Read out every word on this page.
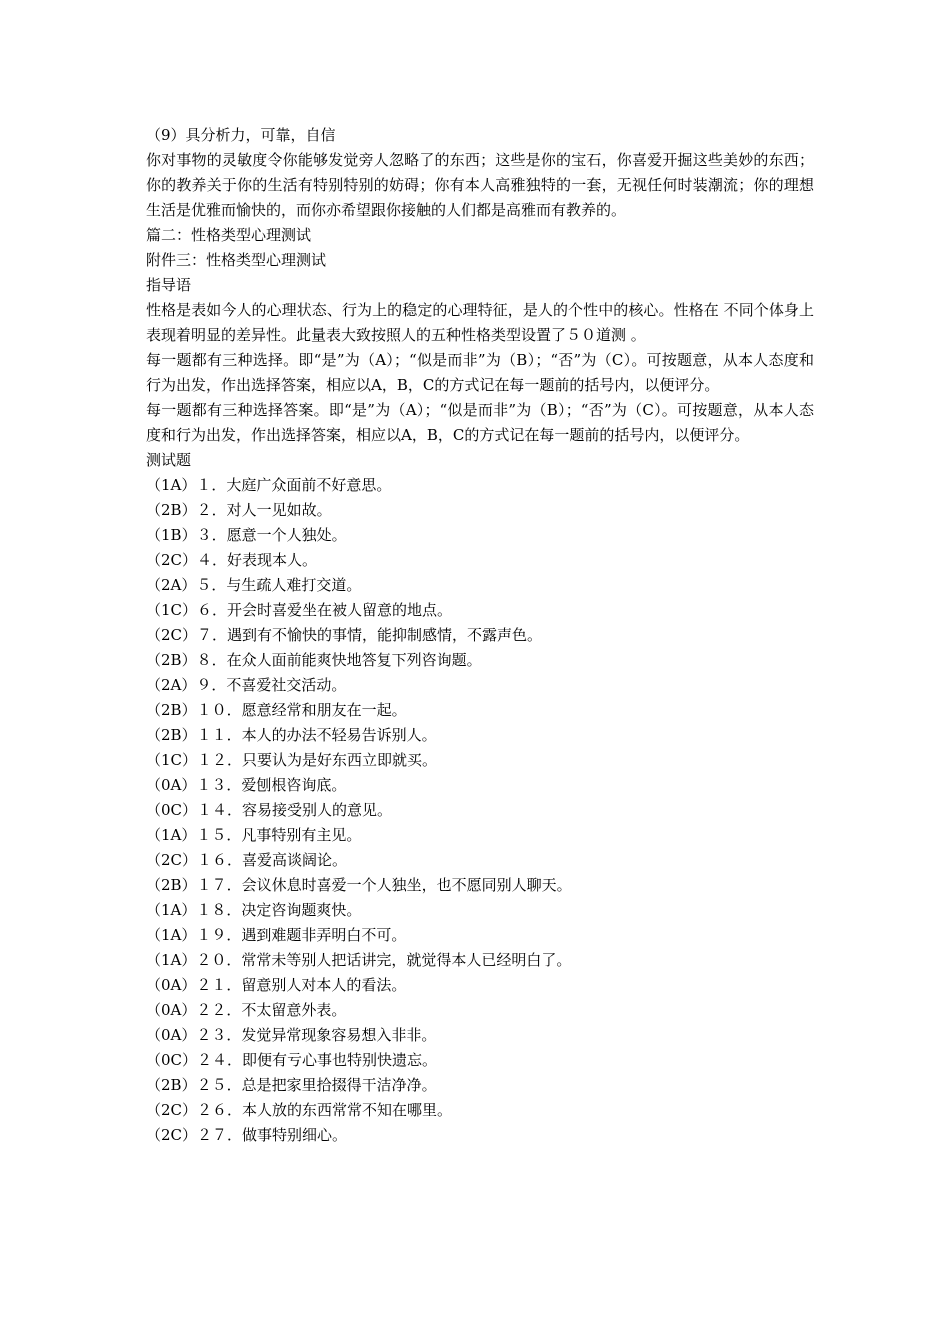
（9）具分析力，可靠，自信
你对事物的灵敏度令你能够发觉旁人忽略了的东西；这些是你的宝石，你喜爱开掘这些美妙的东西；你的教养关于你的生活有特别特别的妨碍；你有本人高雅独特的一套，无视任何时装潮流；你的理想生活是优雅而愉快的，而你亦希望跟你接触的人们都是高雅而有教养的。
篇二：性格类型心理测试
附件三：性格类型心理测试
指导语
性格是表如今人的心理状态、行为上的稳定的心理特征，是人的个性中的核心。性格在 不同个体身上表现着明显的差异性。此量表大致按照人的五种性格类型设置了５０道测 。
每一题都有三种选择。即“是”为（A）；“似是而非”为（B）；“否”为（C）。可按题意，从本人态度和行为出发，作出选择答案，相应以A，B，C的方式记在每一题前的括号内，以便评分。
每一题都有三种选择答案。即“是”为（A）；“似是而非”为（B）；“否”为（C）。可按题意，从本人态度和行为出发，作出选择答案，相应以A，B，C的方式记在每一题前的括号内，以便评分。
测试题
（1A）１．大庭广众面前不好意思。
（2B）２．对人一见如故。
（1B）３．愿意一个人独处。
（2C）４．好表现本人。
（2A）５．与生疏人难打交道。
（1C）６．开会时喜爱坐在被人留意的地点。
（2C）７．遇到有不愉快的事情，能抑制感情，不露声色。
（2B）８．在众人面前能爽快地答复下列咨询题。
（2A）９．不喜爱社交活动。
（2B）１０．愿意经常和朋友在一起。
（2B）１１．本人的办法不轻易告诉别人。
（1C）１２．只要认为是好东西立即就买。
（0A）１３．爱刨根咨询底。
（0C）１４．容易接受别人的意见。
（1A）１５．凡事特别有主见。
（2C）１６．喜爱高谈阔论。
（2B）１７．会议休息时喜爱一个人独坐，也不愿同别人聊天。
（1A）１８．决定咨询题爽快。
（1A）１９．遇到难题非弄明白不可。
（1A）２０．常常未等别人把话讲完，就觉得本人已经明白了。
（0A）２１．留意别人对本人的看法。
（0A）２２．不太留意外表。
（0A）２３．发觉异常现象容易想入非非。
（0C）２４．即便有亏心事也特别快遗忘。
（2B）２５．总是把家里拾掇得干洁净净。
（2C）２６．本人放的东西常常不知在哪里。
（2C）２７．做事特别细心。
